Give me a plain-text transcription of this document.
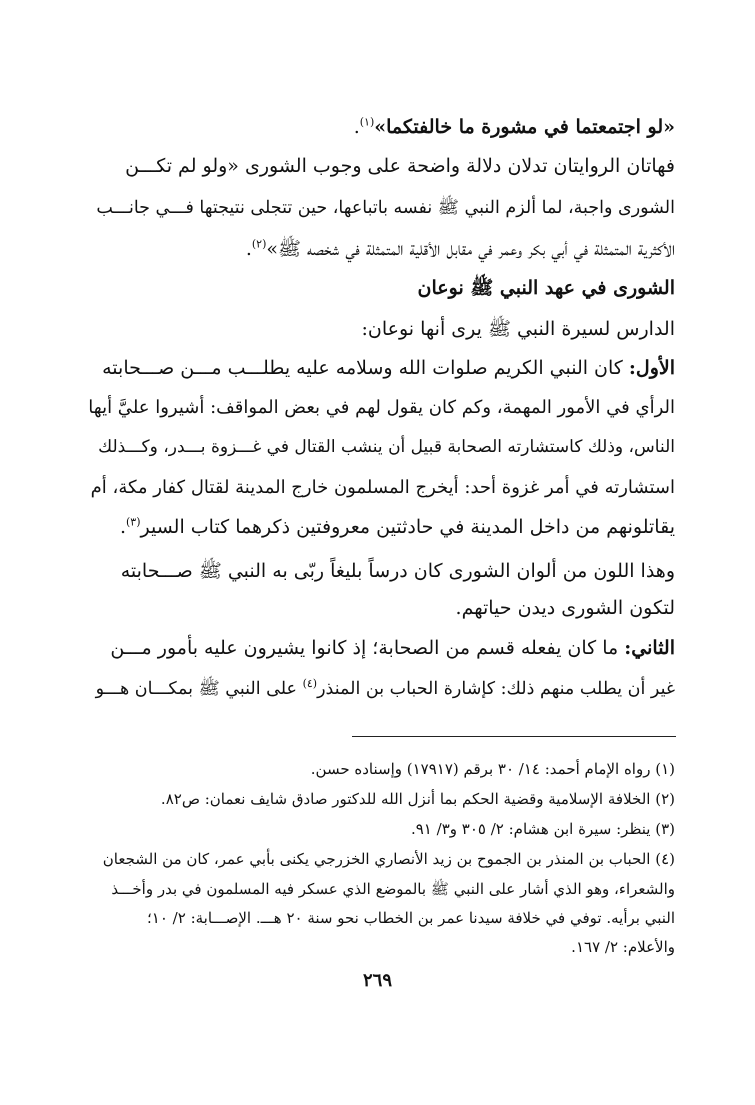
«لو اجتمعتما في مشورة ما خالفتكما»$^{(١)}$.
فهاتان الروايتان تدلان دلالة واضحة على وجوب الشورى «ولو لم تكـــن
الشورى واجبة، لما ألزم النبي ﷺ نفسه باتباعها، حين تتجلى نتيجتها فـــي جانـــب
الأكثرية المتمثلة في أبي بكر وعمر في مقابل الأقلية المتمثلة في شخصه ﷺ»$^{(٢)}$.
الشورى في عهد النبي ﷺ نوعان
الدارس لسيرة النبي ﷺ يرى أنها نوعان:
الأول: كان النبي الكريم صلوات الله وسلامه عليه يطلـــب مـــن صـــحابته
الرأي في الأمور المهمة، وكم كان يقول لهم في بعض المواقف: أشيروا عليَّ أيها
الناس، وذلك كاستشارته الصحابة قبيل أن ينشب القتال في غـــزوة بـــدر، وكـــذلك
استشارته في أمر غزوة أحد: أيخرج المسلمون خارج المدينة لقتال كفار مكة، أم
يقاتلونهم من داخل المدينة في حادثتين معروفتين ذكرهما كتاب السير$^{(٣)}$.
وهذا اللون من ألوان الشورى كان درساً بليغاً ربّى به النبي ﷺ صـــحابته
لتكون الشورى ديدن حياتهم.
الثاني: ما كان يفعله قسم من الصحابة؛ إذ كانوا يشيرون عليه بأمور مـــن
غير أن يطلب منهم ذلك: كإشارة الحباب بن المنذر$^{(٤)}$ على النبي ﷺ بمكـــان هـــو
(١) رواه الإمام أحمد: ١٤/ ٣٠ برقم (١٧٩١٧) وإسناده حسن.
(٢) الخلافة الإسلامية وقضية الحكم بما أنزل الله للدكتور صادق شايف نعمان: ص٨٢.
(٣) ينظر: سيرة ابن هشام: ٢/ ٣٠٥ و٣/ ٩١.
(٤) الحباب بن المنذر بن الجموح بن زيد الأنصاري الخزرجي يكنى بأبي عمر، كان من الشجعان
والشعراء، وهو الذي أشار على النبي ﷺ بالموضع الذي عسكر فيه المسلمون في بدر وأخـــذ
النبي برأيه. توفي في خلافة سيدنا عمر بن الخطاب نحو سنة ٢٠ هـــ. الإصـــابة: ٢/ ١٠؛
والأعلام: ٢/ ١٦٧.
٢٦٩
